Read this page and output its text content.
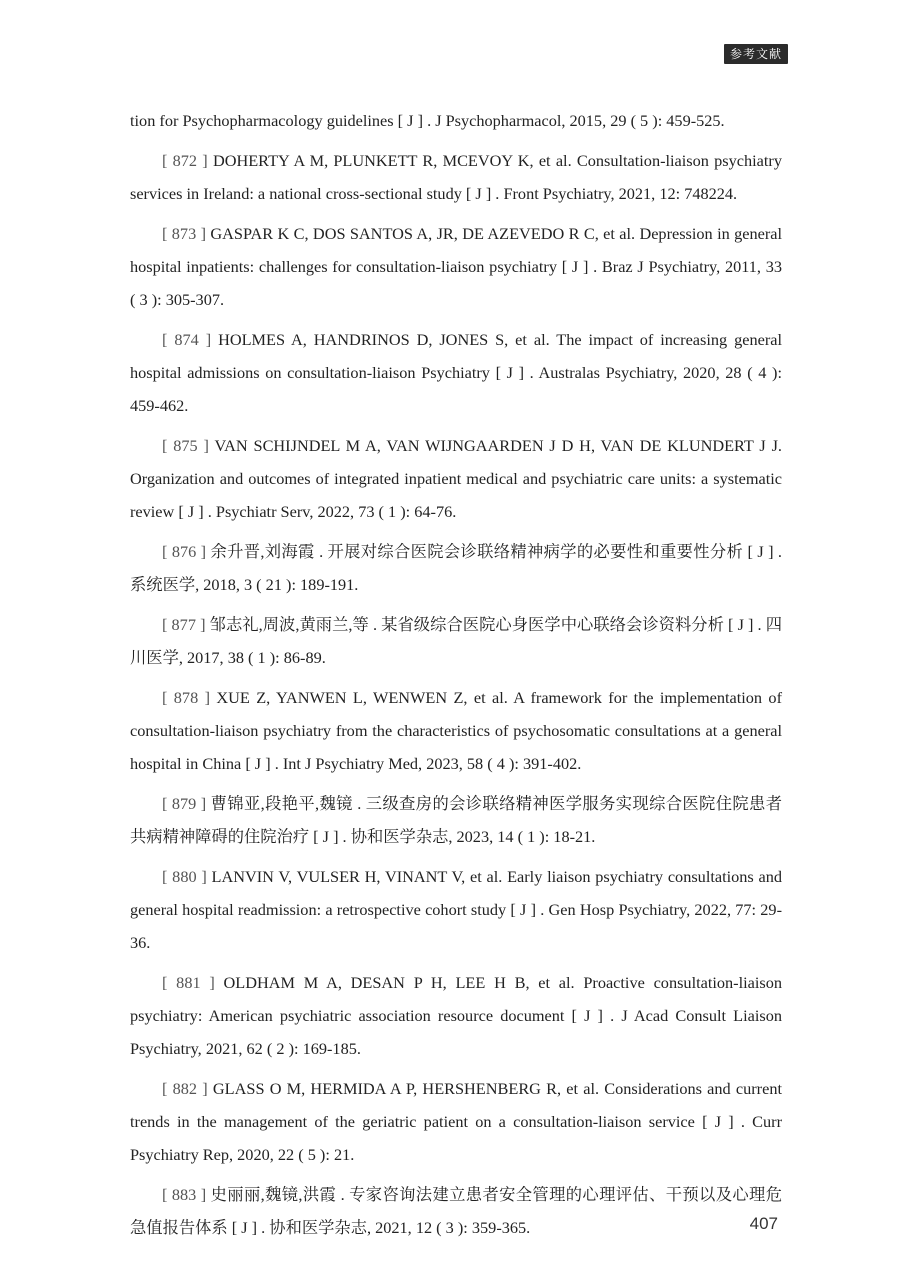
参考文献

tion for Psychopharmacology guidelines [ J ] . J Psychopharmacol, 2015, 29 ( 5 ): 459-525.

[ 872 ] DOHERTY A M, PLUNKETT R, MCEVOY K, et al. Consultation-liaison psychiatry services in Ireland: a national cross-sectional study [ J ] . Front Psychiatry, 2021, 12: 748224.

[ 873 ] GASPAR K C, DOS SANTOS A, JR, DE AZEVEDO R C, et al. Depression in general hospital inpatients: challenges for consultation-liaison psychiatry [ J ] . Braz J Psychiatry, 2011, 33 ( 3 ): 305-307.

[ 874 ] HOLMES A, HANDRINOS D, JONES S, et al. The impact of increasing general hospital admissions on consultation-liaison Psychiatry [ J ] . Australas Psychiatry, 2020, 28 ( 4 ): 459-462.

[ 875 ] VAN SCHIJNDEL M A, VAN WIJNGAARDEN J D H, VAN DE KLUNDERT J J. Organization and outcomes of integrated inpatient medical and psychiatric care units: a systematic review [ J ] . Psychiatr Serv, 2022, 73 ( 1 ): 64-76.

[ 876 ] 余升晋,刘海霞 . 开展对综合医院会诊联络精神病学的必要性和重要性分析 [ J ] . 系统医学, 2018, 3 ( 21 ): 189-191.

[ 877 ] 邹志礼,周波,黄雨兰,等 . 某省级综合医院心身医学中心联络会诊资料分析 [ J ] . 四川医学, 2017, 38 ( 1 ): 86-89.

[ 878 ] XUE Z, YANWEN L, WENWEN Z, et al. A framework for the implementation of consultation-liaison psychiatry from the characteristics of psychosomatic consultations at a general hospital in China [ J ] . Int J Psychiatry Med, 2023, 58 ( 4 ): 391-402.

[ 879 ] 曹锦亚,段艳平,魏镜 . 三级查房的会诊联络精神医学服务实现综合医院住院患者共病精神障碍的住院治疗 [ J ] . 协和医学杂志, 2023, 14 ( 1 ): 18-21.

[ 880 ] LANVIN V, VULSER H, VINANT V, et al. Early liaison psychiatry consultations and general hospital readmission: a retrospective cohort study [ J ] . Gen Hosp Psychiatry, 2022, 77: 29-36.

[ 881 ] OLDHAM M A, DESAN P H, LEE H B, et al. Proactive consultation-liaison psychiatry: American psychiatric association resource document [ J ] . J Acad Consult Liaison Psychiatry, 2021, 62 ( 2 ): 169-185.

[ 882 ] GLASS O M, HERMIDA A P, HERSHENBERG R, et al. Considerations and current trends in the management of the geriatric patient on a consultation-liaison service [ J ] . Curr Psychiatry Rep, 2020, 22 ( 5 ): 21.

[ 883 ] 史丽丽,魏镜,洪霞 . 专家咨询法建立患者安全管理的心理评估、干预以及心理危急值报告体系 [ J ] . 协和医学杂志, 2021, 12 ( 3 ): 359-365.	407
